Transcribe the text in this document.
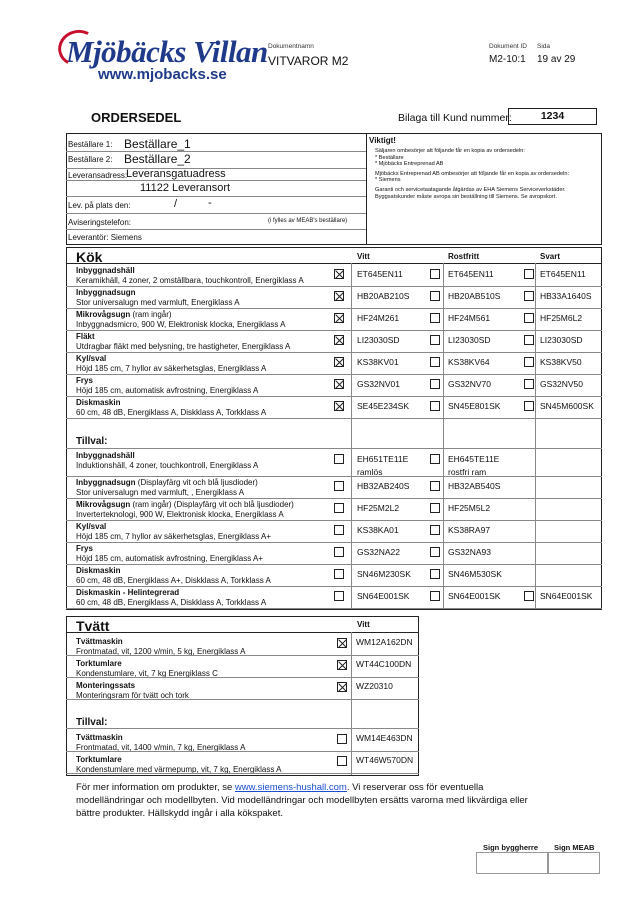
Mjöbäcks Villan
www.mjobacks.se
Dokumentnamn
VITVAROR M2
Dokument ID
M2-10:1
Sida
19 av 29
ORDERSEDEL	Bilaga till Kund nummer:	1234
Beställare 1: Beställare_1
Beställare 2: Beställare_2
Leveransadress:
Leveransgatuadress
11122 Leveransort
Lev. på plats den:	/	-
Aviseringstelefon:	(i fylles av MEAB's beställare)
Leverantör: Siemens
Viktigt!
Säljaren ombesörjer att följande får en kopia av ordersedeln:
* Beställare
* Mjöbäcks Entreprenad AB
Mjöbäcks Entreprenad AB ombesörjer att följande får en kopia av ordersedeln:
* Siemens
Garanti och servicetaatagande åtgärdas av EHA Siemens Serviceverkstäder.
Byggsatskunder måste avropa sin beställning till Siemens. Se avropskort.
Kök	Vitt	Rostfritt	Svart
Inbyggnadshäll
Keramikhäll, 4 zoner, 2 omställbara, touchkontroll, Energiklass A
ET645EN11	ET645EN11	ET645EN11
Inbyggnadsugn
Stor universalugn med varmluft, Energiklass A
HB20AB210S	HB20AB510S	HB33A1640S
Mikrovågsugn (ram ingår)
Inbyggnadsmicro, 900 W, Elektronisk klocka, Energiklass A
HF24M261	HF24M561	HF25M6L2
Fläkt
Utdragbar fläkt med belysning, tre hastigheter, Energiklass A
LI23030SD	LI23030SD	LI23030SD
Kyl/sval
Höjd 185 cm, 7 hyllor av säkerhetsglas, Energiklass A
KS38KV01	KS38KV64	KS38KV50
Frys
Höjd 185 cm, automatisk avfrostning, Energiklass A
GS32NV01	GS32NV70	GS32NV50
Diskmaskin
60 cm, 48 dB, Energiklass A, Diskklass A, Torkklass A
SE45E234SK	SN45E801SK	SN45M600SK
Tillval:
Inbyggnadshäll
Induktionshäll, 4 zoner, touchkontroll, Energiklass A
EH651TE11E
ramlös
EH645TE11E
rostfri ram
Inbyggnadsugn (Displayfärg vit och blå ljusdioder)
Stor universalugn med varmluft, , Energiklass A
HB32AB240S	HB32AB540S
Mikrovågsugn (ram ingår) (Displayfärg vit och blå ljusdioder)
Inverterteknologi, 900 W, Elektronisk klocka, Energiklass A
HF25M2L2	HF25M5L2
Kyl/sval
Höjd 185 cm, 7 hyllor av säkerhetsglas, Energiklass A+
KS38KA01	KS38RA97
Frys
Höjd 185 cm, automatisk avfrostning, Energiklass A+
GS32NA22	GS32NA93
Diskmaskin
60 cm, 48 dB, Energiklass A+, Diskklass A, Torkklass A
SN46M230SK	SN46M530SK
Diskmaskin - Helintegrerad
60 cm, 48 dB, Energiklass A, Diskklass A, Torkklass A
SN64E001SK	SN64E001SK	SN64E001SK
Tvätt	Vitt
Tvättmaskin
Frontmatad, vit, 1200 v/min, 5 kg, Energiklass A
WM12A162DN
Torktumlare
Kondenstumlare, vit, 7 kg Energiklass C
WT44C100DN
Monteringssats
Monteringsram för tvätt och tork
WZ20310
Tillval:
Tvättmaskin
Frontmatad, vit, 1400 v/min, 7 kg, Energiklass A
WM14E463DN
Torktumlare
Kondenstumlare med värmepump, vit, 7 kg, Energiklass A
WT46W570DN
För mer information om produkter, se www.siemens-hushall.com. Vi reserverar oss för eventuella
modelländringar och modellbyten. Vid modelländringar och modellbyten ersätts varorna med likvärdiga eller
bättre produkter. Hällskydd ingår i alla kökspaket.
Sign byggherre Sign MEAB
